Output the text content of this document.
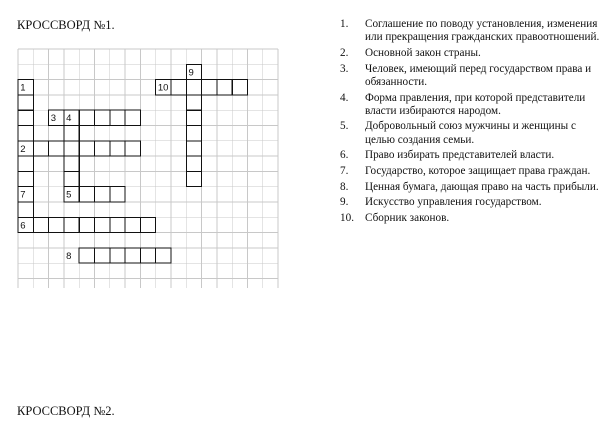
КРОССВОРД №1.
9
1	10
3 4
2
7	5
6
8
1.	Соглашение по поводу установления, изменения или прекращения гражданских правоотношений.
2.	Основной закон страны.
3.	Человек, имеющий перед государством права и обязанности.
4.	Форма правления, при которой представители власти избираются народом.
5.	Добровольный союз мужчины и женщины с целью создания семьи.
6.	Право избирать представителей власти.
7.	Государство, которое защищает права граждан.
8.	Ценная бумага, дающая право на часть прибыли.
9.	Искусство управления государством.
10. Сборник законов.
КРОССВОРД №2.
